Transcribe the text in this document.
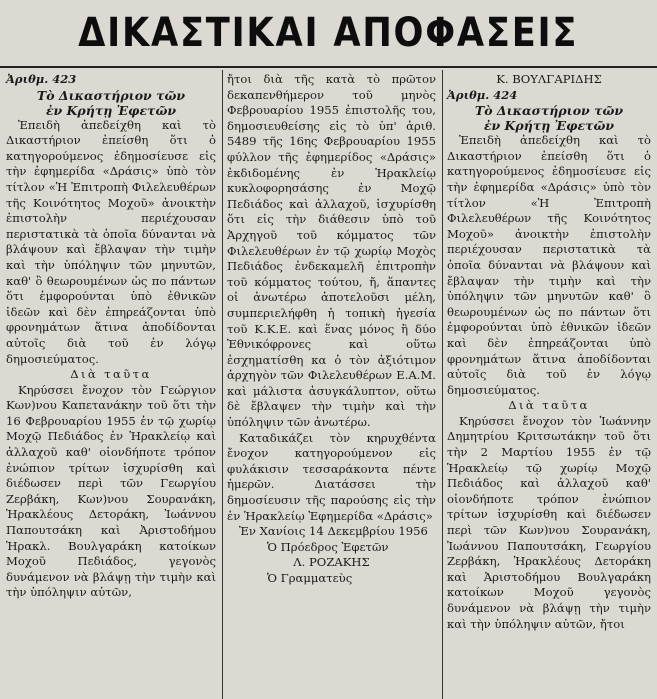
ΔΙΚΑΣΤΙΚΑΙ ΑΠΟΦΑΣΕΙΣ
Ἀριθμ. 423
Τὸ Δικαστήριον τῶν
ἐν Κρήτῃ Ἐφετῶν

Ἐπειδὴ ἀπεδείχθη καὶ τὸ Δικαστήριον ἐπείσθη ὅτι ὁ κατηγορούμενος ἐδημοσίευσε εἰς τὴν ἐφημερίδα «Δράσις» ὑπὸ τὸν τίτλον «Ἡ Ἐπιτροπὴ Φιλελευθέρων τῆς Κοινότητος Μοχοῦ» ἀνοικτὴν ἐπιστολὴν περιέχουσαν περιστατικὰ τὰ ὁποῖα δύνανται νὰ βλάψουν καὶ ἔβλαψαν τὴν τιμὴν καὶ τὴν ὑπόληψιν τῶν μηνυτῶν, καθ' ὃ θεωρουμένων ὡς πο πάντων ὅτι ἐμφορούνται ὑπὸ ἐθνικῶν ἰδεῶν καὶ δὲν ἐπηρεάζονται ὑπὸ φρονημάτων ἅτινα ἀποδίδονται αὐτοῖς διὰ τοῦ ἐν λόγῳ δημοσιεύματος.

Διὰ ταῦτα

Κηρύσσει ἔνοχον τὸν Γεώργιον Κων)νου Καπετανάκην τοῦ ὅτι τὴν 16 Φεβρουαρίου 1955 ἐν τῷ χωρίῳ Μοχῷ Πεδιάδος ἐν Ἡρακλείῳ καὶ ἀλλαχοῦ καθ' οἱονδήποτε τρόπον ἐνώπιον τρίτων ἰσχυρίσθη καὶ διέδωσεν περὶ τῶν Γεωργίου Ζερβάκη, Κων)νου Σουρανάκη, Ἡρακλέους Δετοράκη, Ἰωάννου Παπουτσάκη καὶ Ἀριστοδήμου Ἡρακλ. Βουλγαράκη κατοίκων Μοχοῦ Πεδιάδος, γεγονὸς δυνάμενον νὰ βλάψῃ τὴν τιμὴν καὶ τὴν ὑπόληψιν αὐτῶν,

ἤτοι διὰ τῆς κατὰ τὸ πρῶτον δεκαπενθήμερον τοῦ μηνὸς Φεβρουαρίου 1955 ἐπιστολῆς του, δημοσιευθείσης εἰς τὸ ὑπ' ἀριθ. 5489 τῆς 16ης Φεβρουαρίου 1955 φύλλον τῆς ἐφημερίδος «Δράσις» ἐκδιδομένης ἐν Ἡρακλείῳ κυκλοφορησάσης ἐν Μοχῷ Πεδιάδος καὶ ἀλλαχοῦ, ἰσχυρίσθη ὅτι εἰς τὴν διάθεσιν ὑπὸ τοῦ Ἀρχηγοῦ τοῦ κόμματος τῶν Φιλελευθέρων ἐν τῷ χωρίῳ Μοχὸς Πεδιάδος ἐνδεκαμελῆ ἐπιτροπὴν τοῦ κόμματος τούτου, ἤ, ἅπαντες οἱ ἀνωτέρω ἀποτελοῦσι μέλη, συμπεριελήφθη ἡ τοπικὴ ἡγεσία τοῦ Κ.Κ.Ε. καὶ ἕνας μόνος ἢ δύο Ἐθνικόφρονες καὶ οὕτω ἐσχηματίσθη κα ὁ τὸν ἀξιότιμον ἀρχηγὸν τῶν Φιλελευθέρων Ε.Α.Μ. καὶ μάλιστα ἀσυγκάλυπτον, οὕτω δὲ ἔβλαψεν τὴν τιμὴν καὶ τὴν ὑπόληψιν τῶν ἀνωτέρω.

Καταδικάζει τὸν κηρυχθέντα ἔνοχον κατηγορούμενον εἰς φυλάκισιν τεσσαράκοντα πέντε ἡμερῶν. Διατάσσει τὴν δημοσίευσιν τῆς παρούσης εἰς τὴν ἐν Ἡρακλείῳ Ἐφημερίδα «Δράσις»

Ἐν Χανίοις 14 Δεκεμβρίου 1956

Ὁ Πρόεδρος Ἐφετῶν

Λ. ΡΟΖΑΚΗΣ

Ὁ Γραμματεὺς

Κ. ΒΟΥΛΓΑΡΙΔΗΣ

Ἀριθμ. 424
Τὸ Δικαστήριον τῶν
ἐν Κρήτῃ Ἐφετῶν

Ἐπειδὴ ἀπεδείχθη καὶ τὸ Δικαστήριον ἐπείσθη ὅτι ὁ κατηγορούμενος ἐδημοσίευσε εἰς τὴν ἐφημερίδα «Δράσις» ὑπὸ τὸν τίτλον «Ἡ Ἐπιτροπὴ Φιλελευθέρων τῆς Κοινότητος Μοχοῦ» ἀνοικτὴν ἐπιστολὴν περιέχουσαν περιστατικὰ τὰ ὁποῖα δύνανται νὰ βλάψουν καὶ ἔβλαψαν τὴν τιμὴν καὶ τὴν ὑπόληψιν τῶν μηνυτῶν καθ' ὃ θεωρουμένων ὡς πο πάντων ὅτι ἐμφορούνται ὑπὸ ἐθνικῶν ἰδεῶν καὶ δὲν ἐπηρεάζονται ὑπὸ φρονημάτων ἅτινα ἀποδίδονται αὐτοῖς διὰ τοῦ ἐν λόγῳ δημοσιεύματος.

Διὰ ταῦτα

Κηρύσσει ἔνοχον τὸν Ἰωάννην Δημητρίου Κριτσωτάκην τοῦ ὅτι τὴν 2 Μαρτίου 1955 ἐν τῷ Ἡρακλείῳ τῷ χωρίῳ Μοχῷ Πεδιάδος καὶ ἀλλαχοῦ καθ' οἱονδήποτε τρόπον ἐνώπιον τρίτων ἰσχυρίσθη καὶ διέδωσεν περὶ τῶν Κων)νου Σουρανάκη, Ἰωάννου Παπουτσάκη, Γεωργίου Ζερβάκη, Ἡρακλέους Δετοράκη καὶ Ἀριστοδήμου Βουλγαράκη κατοίκων Μοχοῦ γεγονὸς δυνάμενον νὰ βλάψῃ τὴν τιμὴν καὶ τὴν ὑπόληψιν αὐτῶν, ἤτοι
